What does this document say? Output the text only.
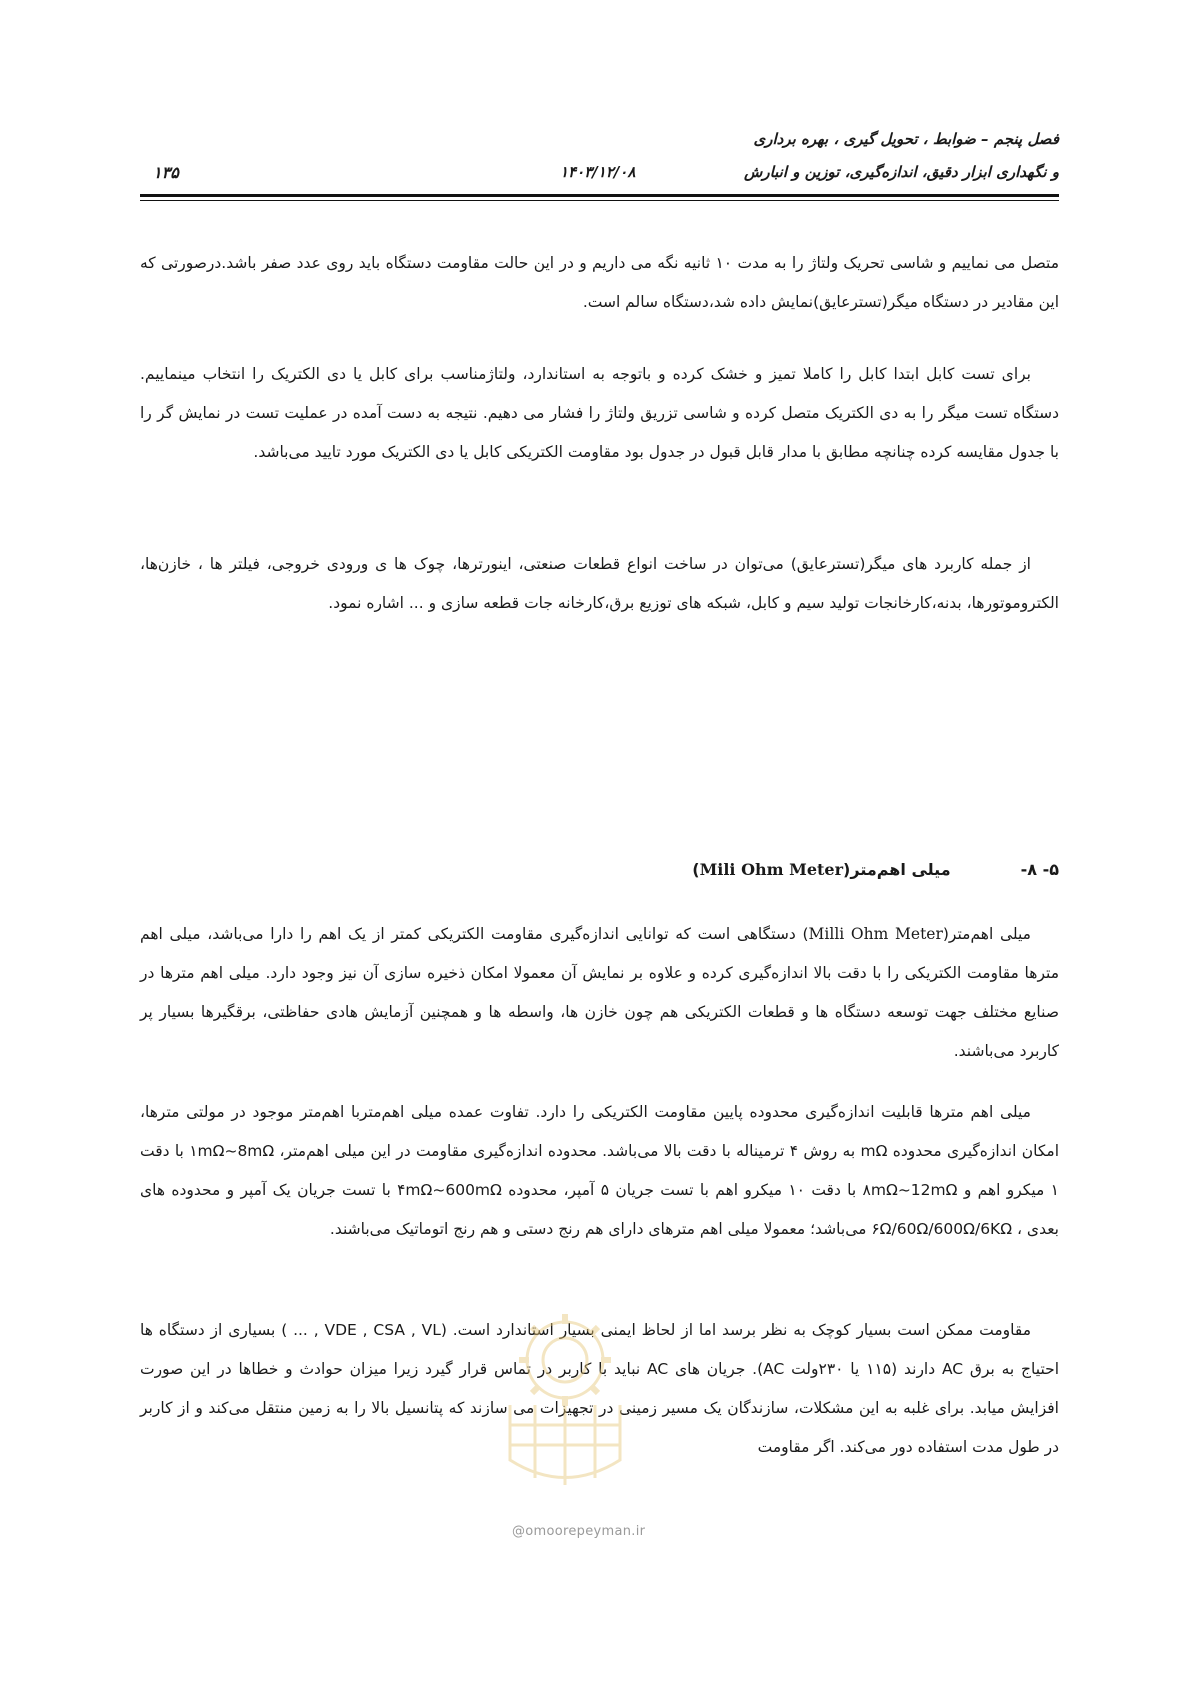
فصل پنجم – ضوابط ، تحویل گیری ، بهره برداری
و نگهداری ابزار دقیق، اندازه‌گیری، توزین و انبارش
۱۴۰۳/۱۲/۰۸
۱۳۵

متصل می نماییم و شاسی تحریک ولتاژ را به مدت ۱۰ ثانیه نگه می داریم و در این حالت مقاومت دستگاه باید روی عدد صفر باشد.درصورتی که این مقادیر در دستگاه میگر(تسترعایق)نمایش داده شد،دستگاه سالم است.

برای تست کابل ابتدا کابل را کاملا تمیز و خشک کرده و باتوجه به استاندارد، ولتاژمناسب برای کابل یا دی الکتریک را انتخاب مینماییم. دستگاه تست میگر را به دی الکتریک متصل کرده و شاسی تزریق ولتاژ را فشار می دهیم. نتیجه به دست آمده در عملیت تست در نمایش گر را با جدول مقایسه کرده چنانچه مطابق با مدار قابل قبول در جدول بود مقاومت الکتریکی کابل یا دی الکتریک مورد تایید می‌باشد.

از جمله کاربرد های میگر(تسترعایق) می‌توان در ساخت انواع قطعات صنعتی، اینورترها، چوک ها ی ورودی خروجی، فیلتر ها ، خازن‌ها، الکتروموتورها، بدنه،کارخانجات تولید سیم و کابل، شبکه های توزیع برق،کارخانه جات قطعه سازی و ... اشاره نمود.

۵- ۸-میلی اهم‌متر(Mili Ohm Meter)

میلی اهم‌متر(Milli Ohm Meter) دستگاهی است که توانایی اندازه‌گیری مقاومت الکتریکی کمتر از یک اهم را دارا می‌باشد، میلی اهم مترها مقاومت الکتریکی را با دقت بالا اندازه‌گیری کرده و علاوه بر نمایش آن معمولا امکان ذخیره سازی آن نیز وجود دارد. میلی اهم مترها در صنایع مختلف جهت توسعه دستگاه ها و قطعات الکتریکی هم چون خازن ها، واسطه ها و همچنین آزمایش هادی حفاظتی، برقگیرها بسیار پر کاربرد می‌باشند.

میلی اهم مترها قابلیت اندازه‌گیری محدوده پایین مقاومت الکتریکی را دارد. تفاوت عمده میلی اهم‌متربا اهم‌متر موجود در مولتی مترها، امکان اندازه‌گیری محدوده mΩ به روش ۴ ترمیناله با دقت بالا می‌باشد. محدوده اندازه‌گیری مقاومت در این میلی اهم‌متر، ۱mΩ~8mΩ با دقت ۱ میکرو اهم و ۸mΩ~12mΩ با دقت ۱۰ میکرو اهم با تست جریان ۵ آمپر، محدوده ۴mΩ~600mΩ با تست جریان یک آمپر و محدوده های بعدی ، ۶Ω/60Ω/600Ω/6KΩ می‌باشد؛ معمولا میلی اهم مترهای دارای هم رنج دستی و هم رنج اتوماتیک می‌باشند.

مقاومت ممکن است بسیار کوچک به نظر برسد اما از لحاظ ایمنی بسیار استاندارد است. (VDE , CSA , VL , ... ) بسیاری از دستگاه ها احتیاج به برق AC دارند (۱۱۵ یا ۲۳۰ولت AC). جریان های AC نباید با کاربر در تماس قرار گیرد زیرا میزان حوادث و خطاها در این صورت افزایش میابد. برای غلبه به این مشکلات، سازندگان یک مسیر زمینی در تجهیزات می سازند که پتانسیل بالا را به زمین منتقل می‌کند و از کاربر در طول مدت استفاده دور می‌کند. اگر مقاومت

@omoorepeyman.ir
